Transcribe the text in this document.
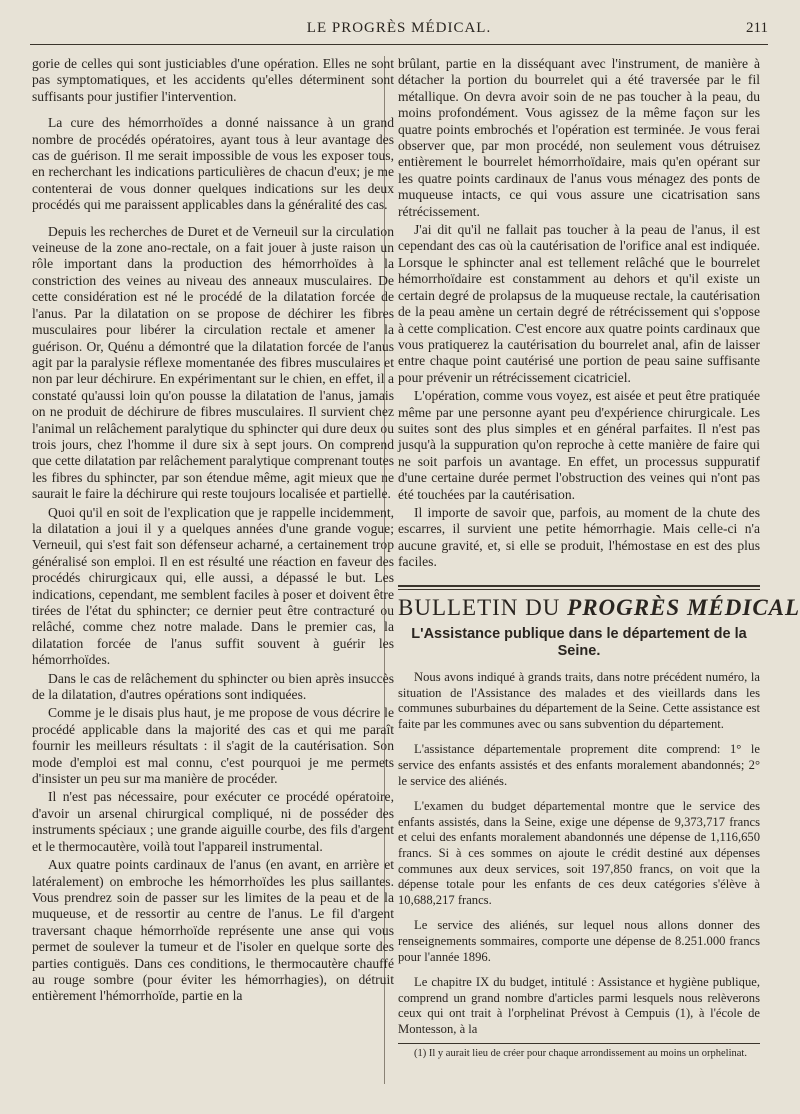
LE PROGRÈS MÉDICAL.	211

gorie de celles qui sont justiciables d'une opération. Elles ne sont pas symptomatiques, et les accidents qu'elles déterminent sont suffisants pour justifier l'intervention.

La cure des hémorrhoïdes a donné naissance à un grand nombre de procédés opératoires, ayant tous à leur avantage des cas de guérison. Il me serait impossible de vous les exposer tous, en recherchant les indications particulières de chacun d'eux; je me contenterai de vous donner quelques indications sur les deux procédés qui me paraissent applicables dans la généralité des cas.

Depuis les recherches de Duret et de Verneuil sur la circulation veineuse de la zone ano-rectale, on a fait jouer à juste raison un rôle important dans la production des hémorrhoïdes à la constriction des veines au niveau des anneaux musculaires. De cette considération est né le procédé de la dilatation forcée de l'anus. Par la dilatation on se propose de déchirer les fibres musculaires pour libérer la circulation rectale et amener la guérison. Or, Quénu a démontré que la dilatation forcée de l'anus agit par la paralysie réflexe momentanée des fibres musculaires et non par leur déchirure. En expérimentant sur le chien, en effet, il a constaté qu'aussi loin qu'on pousse la dilatation de l'anus, jamais on ne produit de déchirure de fibres musculaires. Il survient chez l'animal un relâchement paralytique du sphincter qui dure deux ou trois jours, chez l'homme il dure six à sept jours. On comprend que cette dilatation par relâchement paralytique comprenant toutes les fibres du sphincter, par son étendue même, agit mieux que ne saurait le faire la déchirure qui reste toujours localisée et partielle.

Quoi qu'il en soit de l'explication que je rappelle incidemment, la dilatation a joui il y a quelques années d'une grande vogue; Verneuil, qui s'est fait son défenseur acharné, a certainement trop généralisé son emploi. Il en est résulté une réaction en faveur des procédés chirurgicaux qui, elle aussi, a dépassé le but. Les indications, cependant, me semblent faciles à poser et doivent être tirées de l'état du sphincter; ce dernier peut être contracturé ou relâché, comme chez notre malade. Dans le premier cas, la dilatation forcée de l'anus suffit souvent à guérir les hémorrhoïdes.

Dans le cas de relâchement du sphincter ou bien après insuccès de la dilatation, d'autres opérations sont indiquées.

Comme je le disais plus haut, je me propose de vous décrire le procédé applicable dans la majorité des cas et qui me paraît fournir les meilleurs résultats : il s'agit de la cautérisation. Son mode d'emploi est mal connu, c'est pourquoi je me permets d'insister un peu sur ma manière de procéder.

Il n'est pas nécessaire, pour exécuter ce procédé opératoire, d'avoir un arsenal chirurgical compliqué, ni de posséder des instruments spéciaux ; une grande aiguille courbe, des fils d'argent et le thermocautère, voilà tout l'appareil instrumental.

Aux quatre points cardinaux de l'anus (en avant, en arrière et latéralement) on embroche les hémorrhoïdes les plus saillantes. Vous prendrez soin de passer sur les limites de la peau et de la muqueuse, et de ressortir au centre de l'anus. Le fil d'argent traversant chaque hémorrhoïde représente une anse qui vous permet de soulever la tumeur et de l'isoler en quelque sorte des parties contiguës. Dans ces conditions, le thermocautère chauffé au rouge sombre (pour éviter les hémorrhagies), on détruit entièrement l'hémorrhoïde, partie en la

brûlant, partie en la disséquant avec l'instrument, de manière à détacher la portion du bourrelet qui a été traversée par le fil métallique. On devra avoir soin de ne pas toucher à la peau, du moins profondément. Vous agissez de la même façon sur les quatre points embrochés et l'opération est terminée. Je vous ferai observer que, par mon procédé, non seulement vous détruisez entièrement le bourrelet hémorrhoïdaire, mais qu'en opérant sur les quatre points cardinaux de l'anus vous ménagez des ponts de muqueuse intacts, ce qui vous assure une cicatrisation sans rétrécissement.

J'ai dit qu'il ne fallait pas toucher à la peau de l'anus, il est cependant des cas où la cautérisation de l'orifice anal est indiquée. Lorsque le sphincter anal est tellement relâché que le bourrelet hémorrhoïdaire est constamment au dehors et qu'il existe un certain degré de prolapsus de la muqueuse rectale, la cautérisation de la peau amène un certain degré de rétrécissement qui s'oppose à cette complication. C'est encore aux quatre points cardinaux que vous pratiquerez la cautérisation du bourrelet anal, afin de laisser entre chaque point cautérisé une portion de peau saine suffisante pour prévenir un rétrécissement cicatriciel.

L'opération, comme vous voyez, est aisée et peut être pratiquée même par une personne ayant peu d'expérience chirurgicale. Les suites sont des plus simples et en général parfaites. Il n'est pas jusqu'à la suppuration qu'on reproche à cette manière de faire qui ne soit parfois un avantage. En effet, un processus suppuratif d'une certaine durée permet l'obstruction des veines qui n'ont pas été touchées par la cautérisation.

Il importe de savoir que, parfois, au moment de la chute des escarres, il survient une petite hémorrhagie. Mais celle-ci n'a aucune gravité, et, si elle se produit, l'hémostase en est des plus faciles.

BULLETIN DU PROGRÈS MÉDICAL
L'Assistance publique dans le département de la Seine.

Nous avons indiqué à grands traits, dans notre précédent numéro, la situation de l'Assistance des malades et des vieillards dans les communes suburbaines du département de la Seine. Cette assistance est faite par les communes avec ou sans subvention du département.

L'assistance départementale proprement dite comprend: 1° le service des enfants assistés et des enfants moralement abandonnés; 2° le service des aliénés.

L'examen du budget départemental montre que le service des enfants assistés, dans la Seine, exige une dépense de 9,373,717 francs et celui des enfants moralement abandonnés une dépense de 1,116,650 francs. Si à ces sommes on ajoute le crédit destiné aux dépenses communes aux deux services, soit 197,850 francs, on voit que la dépense totale pour les enfants de ces deux catégories s'élève à 10,688,217 francs.

Le service des aliénés, sur lequel nous allons donner des renseignements sommaires, comporte une dépense de 8.251.000 francs pour l'année 1896.

Le chapitre IX du budget, intitulé : Assistance et hygiène publique, comprend un grand nombre d'articles parmi lesquels nous relèverons ceux qui ont trait à l'orphelinat Prévost à Cempuis (1), à l'école de Montesson, à la

(1) Il y aurait lieu de créer pour chaque arrondissement au moins un orphelinat.
